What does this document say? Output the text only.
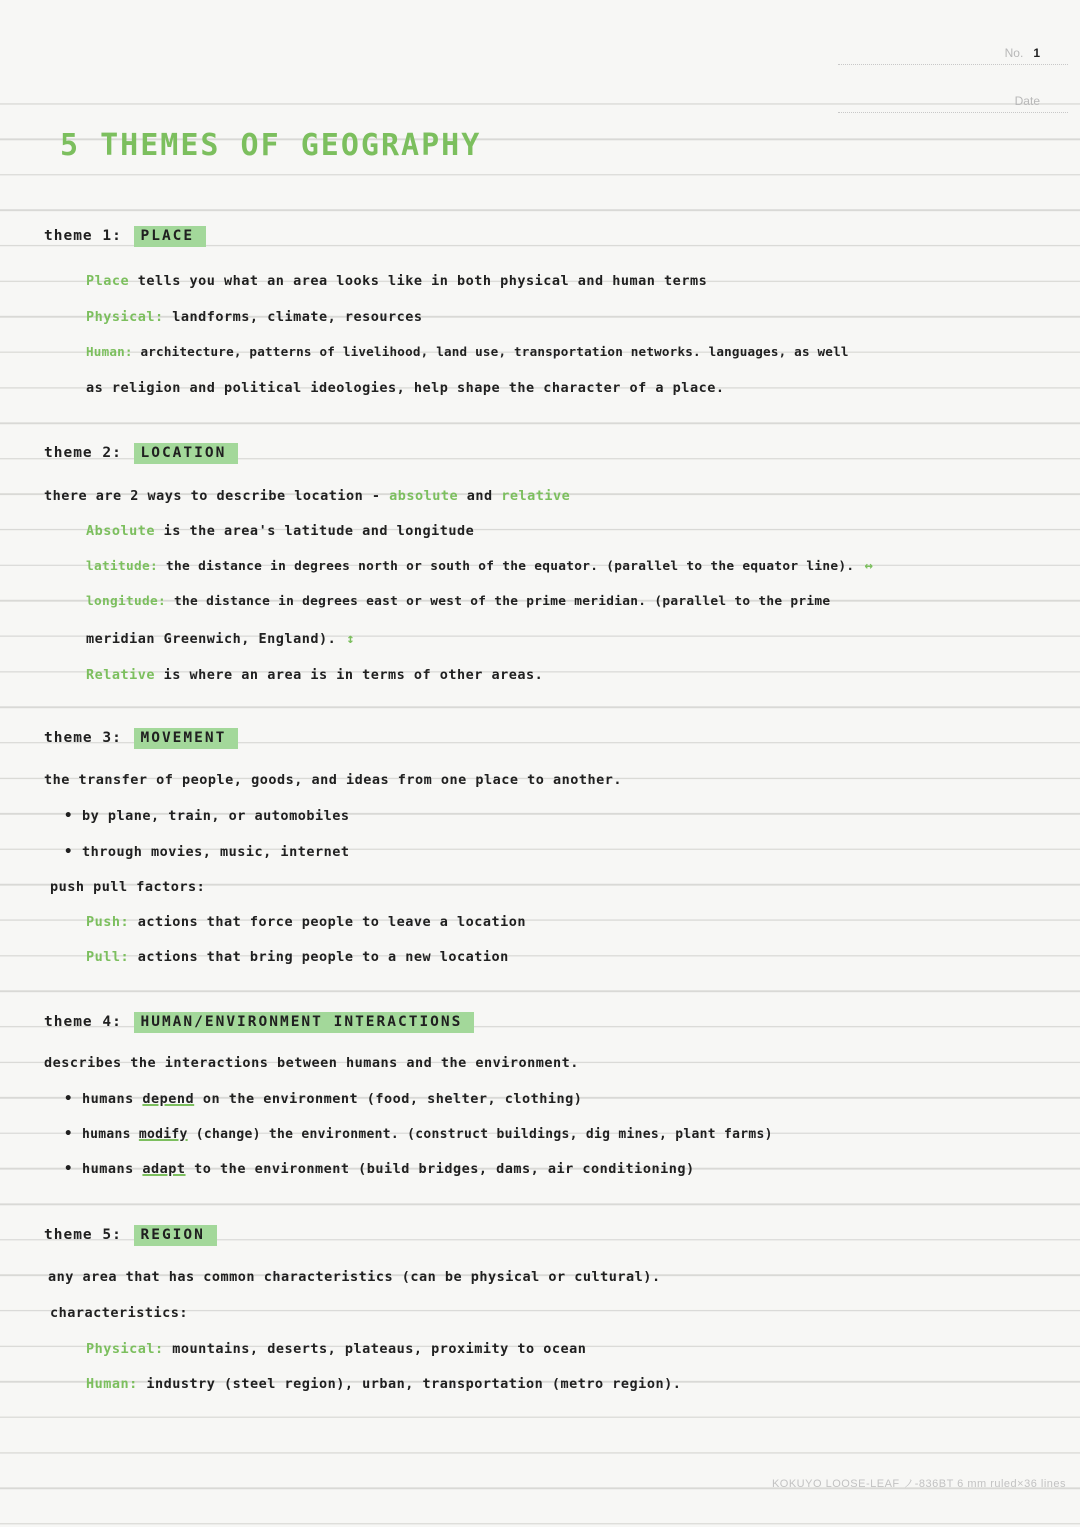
No. 1
Date
5 THEMES OF GEOGRAPHY
theme 1: PLACE
Place tells you what an area looks like in both physical and human terms
Physical: landforms, climate, resources
Human: architecture, patterns of livelihood, land use, transportation networks. languages, as well
as religion and political ideologies, help shape the character of a place.
theme 2: LOCATION
there are 2 ways to describe location - absolute and relative
Absolute is the area's latitude and longitude
latitude: the distance in degrees north or south of the equator. (parallel to the equator line). ↔
longitude: the distance in degrees east or west of the prime meridian. (parallel to the prime
meridian Greenwich, England). ↕
Relative is where an area is in terms of other areas.
theme 3: MOVEMENT
the transfer of people, goods, and ideas from one place to another.
• by plane, train, or automobiles
• through movies, music, internet
push pull factors:
Push: actions that force people to leave a location
Pull: actions that bring people to a new location
theme 4: HUMAN/ENVIRONMENT INTERACTIONS
describes the interactions between humans and the environment.
• humans depend on the environment (food, shelter, clothing)
• humans modify (change) the environment. (construct buildings, dig mines, plant farms)
• humans adapt to the environment (build bridges, dams, air conditioning)
theme 5: REGION
any area that has common characteristics (can be physical or cultural).
characteristics:
Physical: mountains, deserts, plateaus, proximity to ocean
Human: industry (steel region), urban, transportation (metro region).
KOKUYO LOOSE-LEAF ノ-836BT 6 mm ruled×36 lines
